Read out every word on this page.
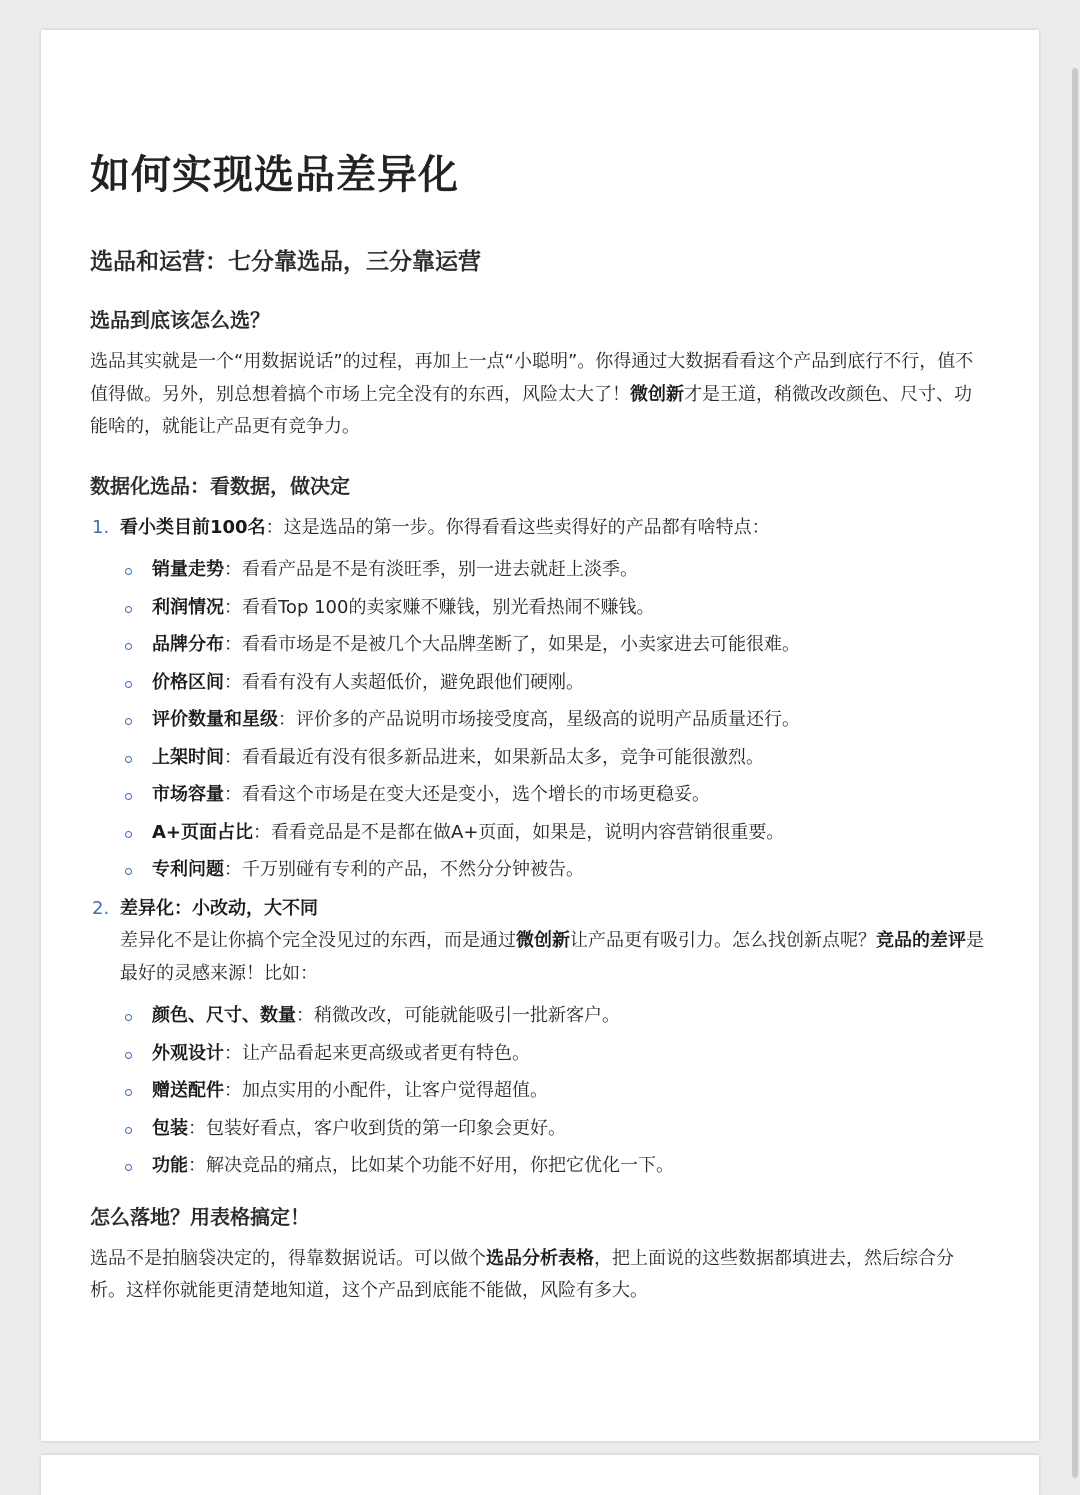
如何实现选品差异化
选品和运营：七分靠选品，三分靠运营
选品到底该怎么选？

选品其实就是一个“用数据说话”的过程，再加上一点“小聪明”。你得通过大数据看看这个产品到底行不行，值不值得做。另外，别总想着搞个市场上完全没有的东西，风险太大了！微创新才是王道，稍微改改颜色、尺寸、功能啥的，就能让产品更有竞争力。

数据化选品：看数据，做决定
1. 看小类目前100名：这是选品的第一步。你得看看这些卖得好的产品都有啥特点：
销量走势：看看产品是不是有淡旺季，别一进去就赶上淡季。
利润情况：看看Top 100的卖家赚不赚钱，别光看热闹不赚钱。
品牌分布：看看市场是不是被几个大品牌垄断了，如果是，小卖家进去可能很难。
价格区间：看看有没有人卖超低价，避免跟他们硬刚。
评价数量和星级：评价多的产品说明市场接受度高，星级高的说明产品质量还行。
上架时间：看看最近有没有很多新品进来，如果新品太多，竞争可能很激烈。
市场容量：看看这个市场是在变大还是变小，选个增长的市场更稳妥。
A+页面占比：看看竞品是不是都在做A+页面，如果是，说明内容营销很重要。
专利问题：千万别碰有专利的产品，不然分分钟被告。
2. 差异化：小改动，大不同
差异化不是让你搞个完全没见过的东西，而是通过微创新让产品更有吸引力。怎么找创新点呢？竞品的差评是最好的灵感来源！比如：
颜色、尺寸、数量：稍微改改，可能就能吸引一批新客户。
外观设计：让产品看起来更高级或者更有特色。
赠送配件：加点实用的小配件，让客户觉得超值。
包装：包装好看点，客户收到货的第一印象会更好。
功能：解决竞品的痛点，比如某个功能不好用，你把它优化一下。
怎么落地？用表格搞定！

选品不是拍脑袋决定的，得靠数据说话。可以做个选品分析表格，把上面说的这些数据都填进去，然后综合分析。这样你就能更清楚地知道，这个产品到底能不能做，风险有多大。
